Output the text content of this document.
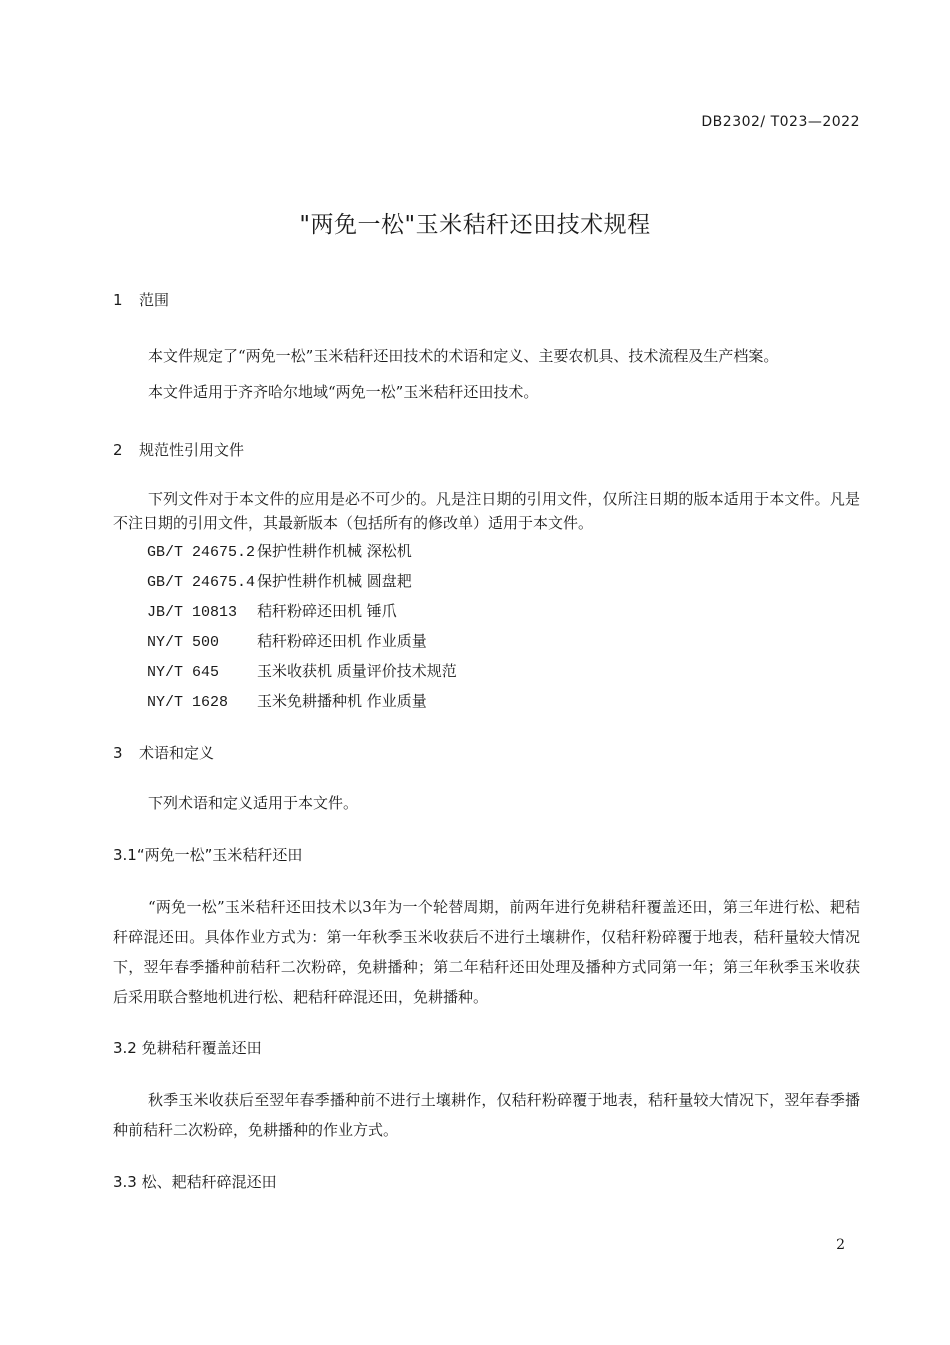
DB2302/ T023—2022
"两免一松"玉米秸秆还田技术规程
1 范围
本文件规定了“两免一松”玉米秸秆还田技术的术语和定义、主要农机具、技术流程及生产档案。
本文件适用于齐齐哈尔地域“两免一松”玉米秸秆还田技术。
2 规范性引用文件
下列文件对于本文件的应用是必不可少的。凡是注日期的引用文件，仅所注日期的版本适用于本文件。凡是不注日期的引用文件，其最新版本（包括所有的修改单）适用于本文件。
GB/T 24675.2 保护性耕作机械 深松机
GB/T 24675.4 保护性耕作机械 圆盘耙
JB/T 10813 秸秆粉碎还田机 锤爪
NY/T 500	秸秆粉碎还田机 作业质量
NY/T 645	玉米收获机 质量评价技术规范
NY/T 1628 玉米免耕播种机 作业质量
3 术语和定义
下列术语和定义适用于本文件。
3.1“两免一松”玉米秸秆还田
“两免一松”玉米秸秆还田技术以3年为一个轮替周期，前两年进行免耕秸秆覆盖还田，第三年进行松、耙秸秆碎混还田。具体作业方式为：第一年秋季玉米收获后不进行土壤耕作，仅秸秆粉碎覆于地表，秸秆量较大情况下，翌年春季播种前秸秆二次粉碎，免耕播种；第二年秸秆还田处理及播种方式同第一年；第三年秋季玉米收获后采用联合整地机进行松、耙秸秆碎混还田，免耕播种。
3.2 免耕秸秆覆盖还田
秋季玉米收获后至翌年春季播种前不进行土壤耕作，仅秸秆粉碎覆于地表，秸秆量较大情况下，翌年春季播种前秸秆二次粉碎，免耕播种的作业方式。
3.3 松、耙秸秆碎混还田
2
